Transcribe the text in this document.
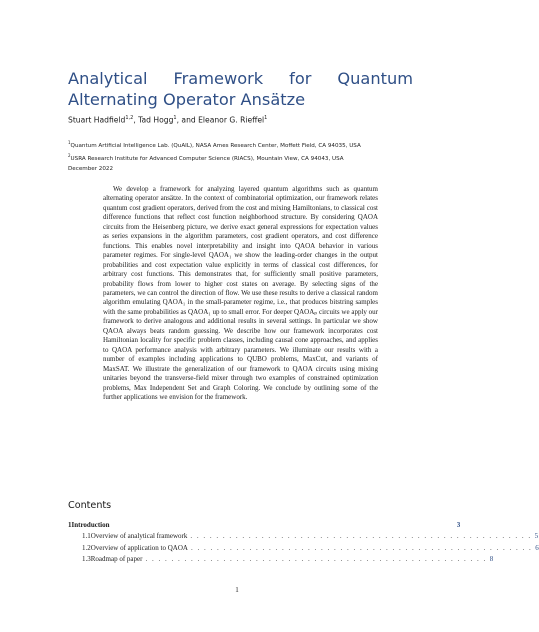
Analytical Framework for Quantum Alternating Operator Ansätze
Stuart Hadfield$^{1,2}$, Tad Hogg$^1$, and Eleanor G. Rieffel$^1$
$^1$Quantum Artificial Intelligence Lab. (QuAIL), NASA Ames Research Center, Moffett Field, CA 94035, USA
$^2$USRA Research Institute for Advanced Computer Science (RIACS), Mountain View, CA 94043, USA
December 2022

We develop a framework for analyzing layered quantum algorithms such as quantum alternating operator ansätze. In the context of combinatorial optimization, our framework relates quantum cost gradient operators, derived from the cost and mixing Hamiltonians, to classical cost difference functions that reflect cost function neighborhood structure. By considering QAOA circuits from the Heisenberg picture, we derive exact general expressions for expectation values as series expansions in the algorithm parameters, cost gradient operators, and cost difference functions. This enables novel interpretability and insight into QAOA behavior in various parameter regimes. For single-level QAOA₁ we show the leading-order changes in the output probabilities and cost expectation value explicitly in terms of classical cost differences, for arbitrary cost functions. This demonstrates that, for sufficiently small positive parameters, probability flows from lower to higher cost states on average. By selecting signs of the parameters, we can control the direction of flow. We use these results to derive a classical random algorithm emulating QAOA₁ in the small-parameter regime, i.e., that produces bitstring samples with the same probabilities as QAOA₁ up to small error. For deeper QAOAₚ circuits we apply our framework to derive analogous and additional results in several settings. In particular we show QAOA always beats random guessing. We describe how our framework incorporates cost Hamiltonian locality for specific problem classes, including causal cone approaches, and applies to QAOA performance analysis with arbitrary parameters. We illuminate our results with a number of examples including applications to QUBO problems, MaxCut, and variants of MaxSAT. We illustrate the generalization of our framework to QAOA circuits using mixing unitaries beyond the transverse-field mixer through two examples of constrained optimization problems, Max Independent Set and Graph Coloring. We conclude by outlining some of the further applications we envision for the framework.

Contents
1 Introduction	3
1.1 Overview of analytical framework . . . . . . . . . . . . . . . . . . . . . . . . . . . . . . . . . . . . . . . . . . . . . . . . . . . . . 5
1.2 Overview of application to QAOA . . . . . . . . . . . . . . . . . . . . . . . . . . . . . . . . . . . . . . . . . . . . . . . . . . . . . 6
1.3 Roadmap of paper . . . . . . . . . . . . . . . . . . . . . . . . . . . . . . . . . . . . . . . . . . . . . . . . . . . . . 8
1
